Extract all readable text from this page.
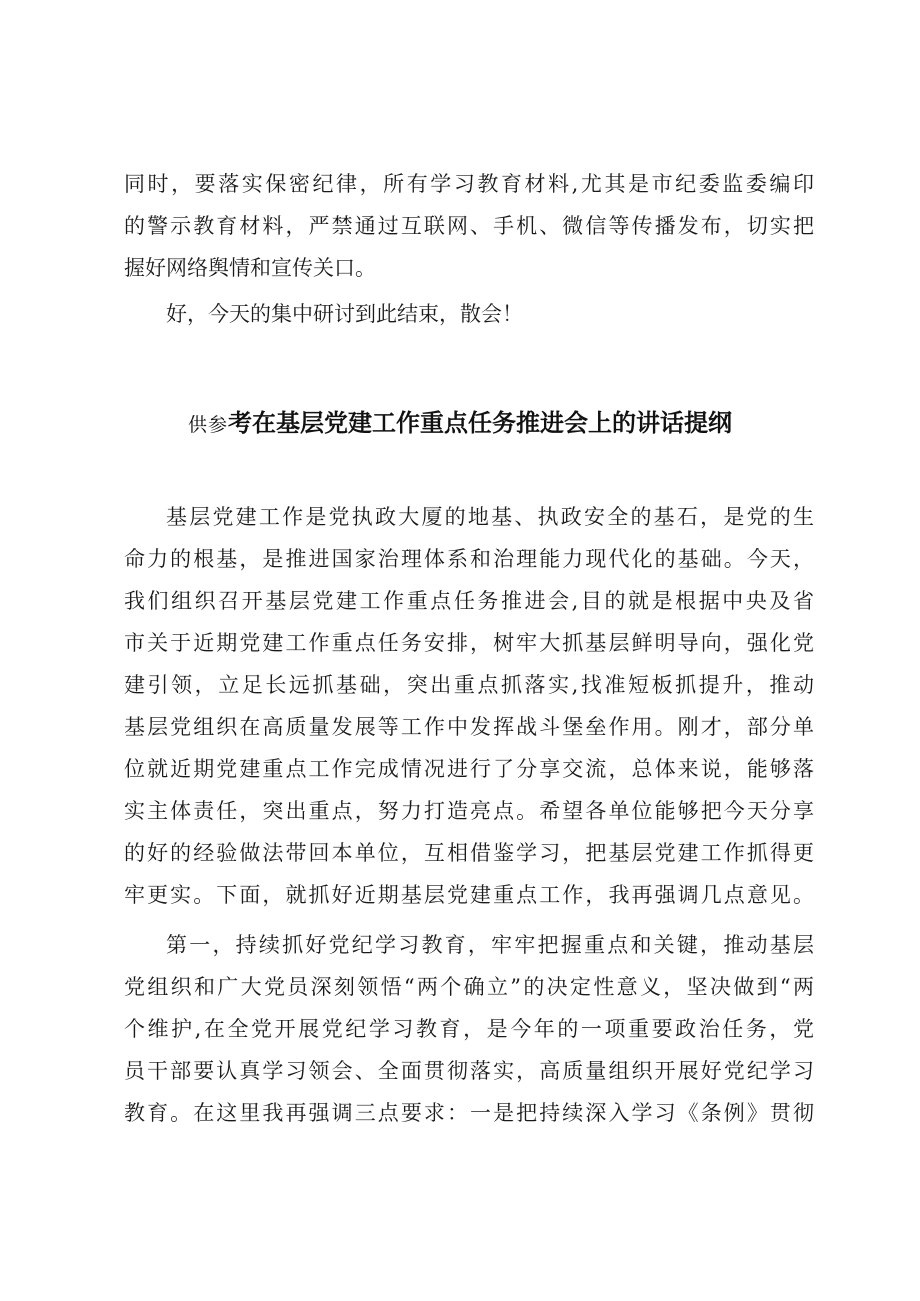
同时，要落实保密纪律，所有学习教育材料,尤其是市纪委监委编印
的警示教育材料，严禁通过互联网、手机、微信等传播发布，切实把
握好网络舆情和宣传关口。
好，今天的集中研讨到此结束，散会！
供参考在基层党建工作重点任务推进会上的讲话提纲
基层党建工作是党执政大厦的地基、执政安全的基石，是党的生
命力的根基，是推进国家治理体系和治理能力现代化的基础。今天，
我们组织召开基层党建工作重点任务推进会,目的就是根据中央及省
市关于近期党建工作重点任务安排，树牢大抓基层鲜明导向，强化党
建引领，立足长远抓基础，突出重点抓落实,找准短板抓提升，推动
基层党组织在高质量发展等工作中发挥战斗堡垒作用。刚才，部分单
位就近期党建重点工作完成情况进行了分享交流，总体来说，能够落
实主体责任，突出重点，努力打造亮点。希望各单位能够把今天分享
的好的经验做法带回本单位，互相借鉴学习，把基层党建工作抓得更
牢更实。下面，就抓好近期基层党建重点工作，我再强调几点意见。
第一，持续抓好党纪学习教育，牢牢把握重点和关键，推动基层
党组织和广大党员深刻领悟“两个确立”的决定性意义，坚决做到“两
个维护,在全党开展党纪学习教育，是今年的一项重要政治任务，党
员干部要认真学习领会、全面贯彻落实，高质量组织开展好党纪学习
教育。在这里我再强调三点要求：一是把持续深入学习《条例》贯彻
